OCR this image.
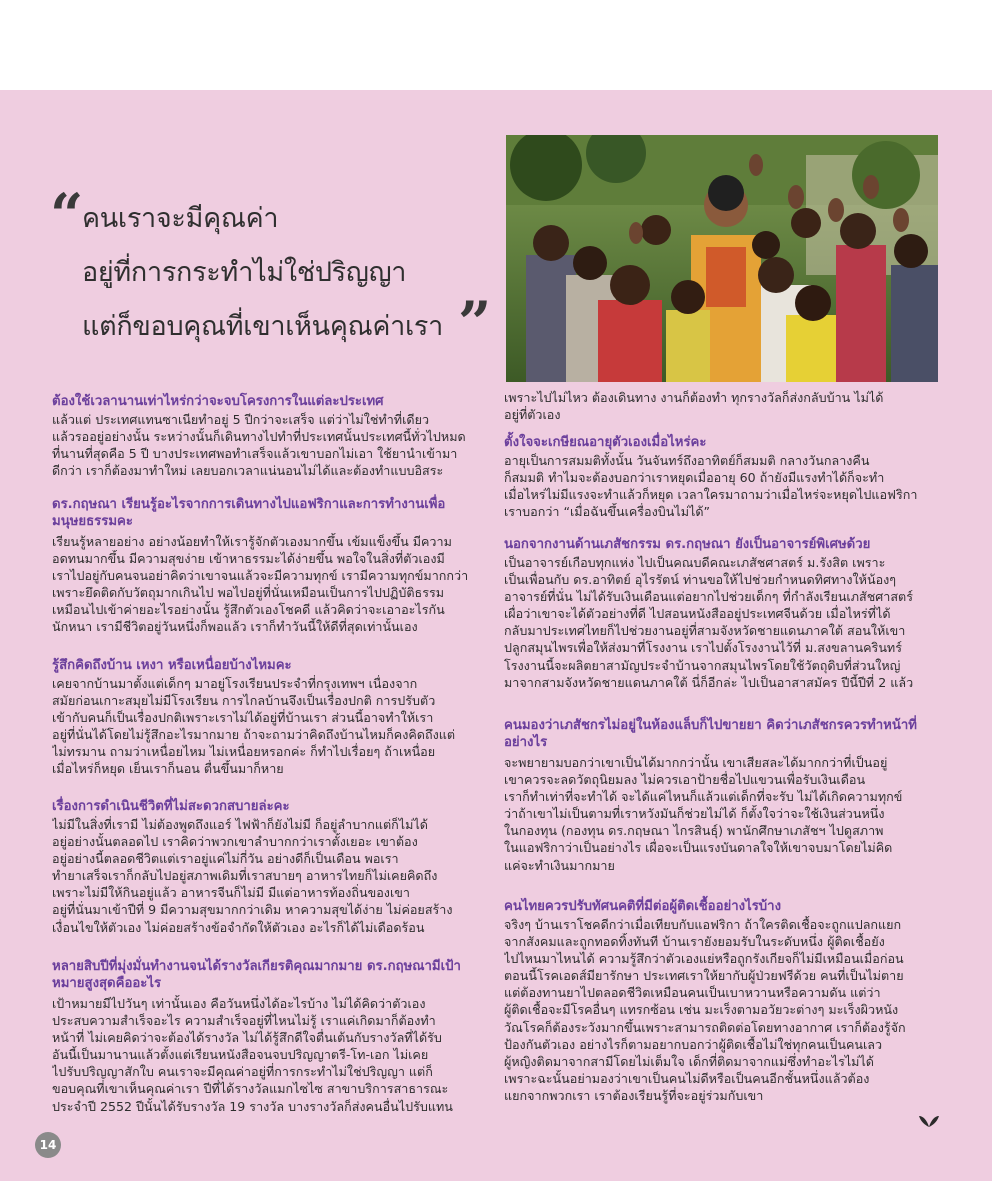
“
คนเราจะมีคุณค่า
อยู่ที่การกระทำไม่ใช่ปริญญา
แต่ก็ขอบคุณที่เขาเห็นคุณค่าเรา ”
ต้องใช้เวลานานเท่าไหร่กว่าจะจบโครงการในแต่ละประเทศ
แล้วแต่ ประเทศแทนซาเนียทำอยู่ 5 ปีกว่าจะเสร็จ แต่ว่าไม่ใช่ทำที่เดียว
แล้วรออยู่อย่างนั้น ระหว่างนั้นก็เดินทางไปทำที่ประเทศนั้นประเทศนี้ทั่วไปหมด
ที่นานที่สุดคือ 5 ปี บางประเทศพอทำเสร็จแล้วเขาบอกไม่เอา ใช้ยานำเข้ามา
ดีกว่า เราก็ต้องมาทำใหม่ เลยบอกเวลาแน่นอนไม่ได้และต้องทำแบบอิสระ
ดร.กฤษณา เรียนรู้อะไรจากการเดินทางไปแอฟริกาและการทำงานเพื่อมนุษยธรรมคะ
เรียนรู้หลายอย่าง อย่างน้อยทำให้เรารู้จักตัวเองมากขึ้น เข้มแข็งขึ้น มีความ
อดทนมากขึ้น มีความสุขง่าย เข้าหาธรรมะได้ง่ายขึ้น พอใจในสิ่งที่ตัวเองมี
เราไปอยู่กับคนจนอย่าคิดว่าเขาจนแล้วจะมีความทุกข์ เรามีความทุกข์มากกว่า
เพราะยึดติดกับวัตถุมากเกินไป พอไปอยู่ที่นั่นเหมือนเป็นการไปปฏิบัติธรรม
เหมือนไปเข้าค่ายอะไรอย่างนั้น รู้สึกตัวเองโชคดี แล้วคิดว่าจะเอาอะไรกัน
นักหนา เรามีชีวิตอยู่วันหนึ่งก็พอแล้ว เราก็ทำวันนี้ให้ดีที่สุดเท่านั้นเอง
รู้สึกคิดถึงบ้าน เหงา หรือเหนื่อยบ้างไหมคะ
เคยจากบ้านมาตั้งแต่เด็กๆ มาอยู่โรงเรียนประจำที่กรุงเทพฯ เนื่องจาก
สมัยก่อนเกาะสมุยไม่มีโรงเรียน การไกลบ้านจึงเป็นเรื่องปกติ การปรับตัว
เข้ากับคนก็เป็นเรื่องปกติเพราะเราไม่ได้อยู่ที่บ้านเรา ส่วนนี้อาจทำให้เรา
อยู่ที่นั่นได้โดยไม่รู้สึกอะไรมากมาย ถ้าจะถามว่าคิดถึงบ้านไหมก็คงคิดถึงแต่
ไม่ทรมาน ถามว่าเหนื่อยไหม ไม่เหนื่อยหรอกค่ะ ก็ทำไปเรื่อยๆ ถ้าเหนื่อย
เมื่อไหร่ก็หยุด เย็นเราก็นอน ตื่นขึ้นมาก็หาย
เรื่องการดำเนินชีวิตที่ไม่สะดวกสบายล่ะคะ
ไม่มีในสิ่งที่เรามี ไม่ต้องพูดถึงแอร์ ไฟฟ้าก็ยังไม่มี ก็อยู่ลำบากแต่ก็ไม่ได้
อยู่อย่างนั้นตลอดไป เราคิดว่าพวกเขาลำบากกว่าเราตั้งเยอะ เขาต้อง
อยู่อย่างนี้ตลอดชีวิตแต่เราอยู่แค่ไม่กี่วัน อย่างดีก็เป็นเดือน พอเรา
ทำยาเสร็จเราก็กลับไปอยู่สภาพเดิมที่เราสบายๆ อาหารไทยก็ไม่เคยคิดถึง
เพราะไม่มีให้กินอยู่แล้ว อาหารจีนก็ไม่มี มีแต่อาหารท้องถิ่นของเขา
อยู่ที่นั่นมาเข้าปีที่ 9 มีความสุขมากกว่าเดิม หาความสุขได้ง่าย ไม่ค่อยสร้าง
เงื่อนไขให้ตัวเอง ไม่ค่อยสร้างข้อจำกัดให้ตัวเอง อะไรก็ได้ไม่เดือดร้อน
หลายสิบปีที่มุ่งมั่นทำงานจนได้รางวัลเกียรติคุณมากมาย ดร.กฤษณามีเป้าหมายสูงสุดคืออะไร
เป้าหมายมีไปวันๆ เท่านั้นเอง คือวันหนึ่งได้อะไรบ้าง ไม่ได้คิดว่าตัวเอง
ประสบความสำเร็จอะไร ความสำเร็จอยู่ที่ไหนไม่รู้ เราแค่เกิดมาก็ต้องทำ
หน้าที่ ไม่เคยคิดว่าจะต้องได้รางวัล ไม่ได้รู้สึกดีใจตื่นเต้นกับรางวัลที่ได้รับ
อันนี้เป็นมานานแล้วตั้งแต่เรียนหนังสือจนจบปริญญาตรี-โท-เอก ไม่เคย
ไปรับปริญญาสักใบ คนเราจะมีคุณค่าอยู่ที่การกระทำไม่ใช่ปริญญา แต่ก็
ขอบคุณที่เขาเห็นคุณค่าเรา ปีที่ได้รางวัลแมกไซไซ สาขาบริการสาธารณะ
ประจำปี 2552 ปีนั้นได้รับรางวัล 19 รางวัล บางรางวัลก็ส่งคนอื่นไปรับแทน
เพราะไปไม่ไหว ต้องเดินทาง งานก็ต้องทำ ทุกรางวัลก็ส่งกลับบ้าน ไม่ได้
อยู่ที่ตัวเอง
ตั้งใจจะเกษียณอายุตัวเองเมื่อไหร่คะ
อายุเป็นการสมมติทั้งนั้น วันจันทร์ถึงอาทิตย์ก็สมมติ กลางวันกลางคืน
ก็สมมติ ทำไมจะต้องบอกว่าเราหยุดเมื่ออายุ 60 ถ้ายังมีแรงทำได้ก็จะทำ
เมื่อไหร่ไม่มีแรงจะทำแล้วก็หยุด เวลาใครมาถามว่าเมื่อไหร่จะหยุดไปแอฟริกา
เราบอกว่า “เมื่อฉันขึ้นเครื่องบินไม่ได้”
นอกจากงานด้านเภสัชกรรม ดร.กฤษณา ยังเป็นอาจารย์พิเศษด้วย
เป็นอาจารย์เกือบทุกแห่ง ไปเป็นคณบดีคณะเภสัชศาสตร์ ม.รังสิต เพราะ
เป็นเพื่อนกับ ดร.อาทิตย์ อุไรรัตน์ ท่านขอให้ไปช่วยกำหนดทิศทางให้น้องๆ
อาจารย์ที่นั่น ไม่ได้รับเงินเดือนแต่อยากไปช่วยเด็กๆ ที่กำลังเรียนเภสัชศาสตร์
เผื่อว่าเขาจะได้ตัวอย่างที่ดี ไปสอนหนังสืออยู่ประเทศจีนด้วย เมื่อไหร่ที่ได้
กลับมาประเทศไทยก็ไปช่วยงานอยู่ที่สามจังหวัดชายแดนภาคใต้ สอนให้เขา
ปลูกสมุนไพรเพื่อให้ส่งมาที่โรงงาน เราไปตั้งโรงงานไว้ที่ ม.สงขลานครินทร์
โรงงานนี้จะผลิตยาสามัญประจำบ้านจากสมุนไพรโดยใช้วัตถุดิบที่ส่วนใหญ่
มาจากสามจังหวัดชายแดนภาคใต้ นี่ก็อีกล่ะ ไปเป็นอาสาสมัคร ปีนี้ปีที่ 2 แล้ว
คนมองว่าเภสัชกรไม่อยู่ในห้องแล็บก็ไปขายยา คิดว่าเภสัชกรควรทำหน้าที่อย่างไร
จะพยายามบอกว่าเขาเป็นได้มากกว่านั้น เขาเสียสละได้มากกว่าที่เป็นอยู่
เขาควรจะลดวัตถุนิยมลง ไม่ควรเอาป้ายชื่อไปแขวนเพื่อรับเงินเดือน
เราก็ทำเท่าที่จะทำได้ จะได้แค่ไหนก็แล้วแต่เด็กที่จะรับ ไม่ได้เกิดความทุกข์
ว่าถ้าเขาไม่เป็นตามที่เราหวังมันก็ช่วยไม่ได้ ก็ตั้งใจว่าจะใช้เงินส่วนหนึ่ง
ในกองทุน (กองทุน ดร.กฤษณา ไกรสินธุ์) พานักศึกษาเภสัชฯ ไปดูสภาพ
ในแอฟริกาว่าเป็นอย่างไร เผื่อจะเป็นแรงบันดาลใจให้เขาจบมาโดยไม่คิด
แค่จะทำเงินมากมาย
คนไทยควรปรับทัศนคติที่มีต่อผู้ติดเชื้ออย่างไรบ้าง
จริงๆ บ้านเราโชคดีกว่าเมื่อเทียบกับแอฟริกา ถ้าใครติดเชื้อจะถูกแปลกแยก
จากสังคมและถูกทอดทิ้งทันที บ้านเรายังยอมรับในระดับหนึ่ง ผู้ติดเชื้อยัง
ไปไหนมาไหนได้ ความรู้สึกว่าตัวเองแย่หรือถูกรังเกียจก็ไม่มีเหมือนเมื่อก่อน
ตอนนี้โรคเอดส์มียารักษา ประเทศเราให้ยากับผู้ป่วยฟรีด้วย คนที่เป็นไม่ตาย
แต่ต้องทานยาไปตลอดชีวิตเหมือนคนเป็นเบาหวานหรือความดัน แต่ว่า
ผู้ติดเชื้อจะมีโรคอื่นๆ แทรกซ้อน เช่น มะเร็งตามอวัยวะต่างๆ มะเร็งผิวหนัง
วัณโรคก็ต้องระวังมากขึ้นเพราะสามารถติดต่อโดยทางอากาศ เราก็ต้องรู้จัก
ป้องกันตัวเอง อย่างไรก็ตามอยากบอกว่าผู้ติดเชื้อไม่ใช่ทุกคนเป็นคนเลว
ผู้หญิงติดมาจากสามีโดยไม่เต็มใจ เด็กที่ติดมาจากแม่ซึ่งทำอะไรไม่ได้
เพราะฉะนั้นอย่ามองว่าเขาเป็นคนไม่ดีหรือเป็นคนอีกชั้นหนึ่งแล้วต้อง
แยกจากพวกเรา เราต้องเรียนรู้ที่จะอยู่ร่วมกับเขา
14
